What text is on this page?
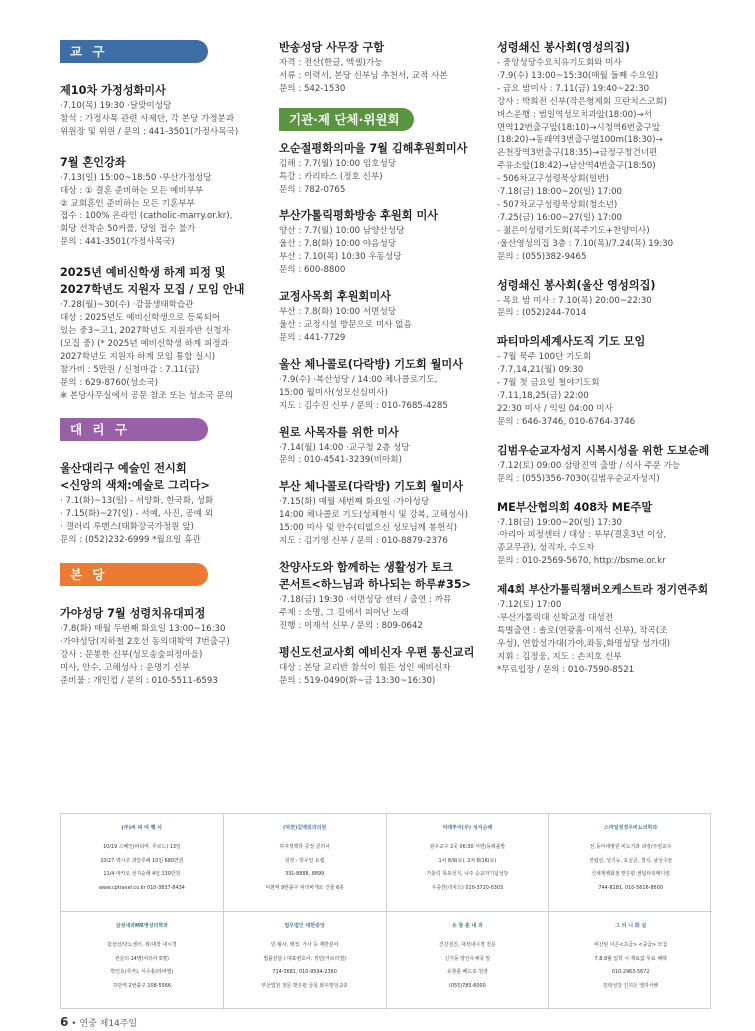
교 구
제10차 가정성화미사
·7.10(목) 19:30 ·달맞이성당
참석 : 가정사목 관련 사제단, 각 본당 가정분과
위원장 및 위원 / 문의 : 441-3501(가정사목국)
7월 혼인강좌
·7.13(일) 15:00~18:50 ·부산가정성당
대상 : ① 결혼 준비하는 모든 예비부부
② 교회혼인 준비하는 모든 기혼부부
접수 : 100% 온라인 (catholic-marry.or.kr),
회당 선착순 50커플, 당일 접수 불가
문의 : 441-3501(가정사목국)
2025년 예비신학생 하계 피정 및
2027학년도 지원자 모집 / 모임 안내
·7.28(월)~30(수) ·감물생태학습관
대상 : 2025년도 예비신학생으로 등록되어
있는 중3~고1, 2027학년도 지원자반 신청자
(모집 중) (* 2025년 예비신학생 하계 피정과
2027학년도 지원자 하계 모임 통합 실시)
참가비 : 5만원 / 신청마감 : 7.11(금)
문의 : 629-8760(성소국)
※ 본당사무실에서 공문 참조 또는 성소국 문의
대 리 구
울산대리구 예술인 전시회
<신앙의 색채:예술로 그리다>
· 7.1(화)~13(일) - 서양화, 한국화, 성화
· 7.15(화)~27(일) - 서예, 사진, 공예 외
· 갤러리 루멘스(태화강국가정원 앞)
문의 : (052)232-6999 *월요일 휴관
본 당
가야성당 7월 성령치유대피정
·7.8(화) 매월 두번째 화요일 13:00~16:30
·가야성당(지하철 2호선 동의대학역 7번출구)
강사 : 문봉한 신부(성모송숲피정마을)
미사, 안수, 고해성사 : 운명기 신부
준비물 : 개인컵 / 문의 : 010-5511-6593
반송성당 사무장 구함
자격 : 전산(한글, 엑셀)가능
서류 : 이력서, 본당 신부님 추천서, 교적 사본
문의 : 542-1530
기관·제 단체·위원회
오순절평화의마을 7월 김해후원회미사
김해 : 7.7(월) 10:00 임호성당
특강 : 카리타스 (정호 신부)
문의 : 782-0765
부산가톨릭평화방송 후원회 미사
양산 : 7.7(월) 10:00 남양산성당
울산 : 7.8(화) 10:00 야음성당
부산 : 7.10(목) 10:30 우동성당
문의 : 600-8800
교정사목회 후원회미사
부산 : 7.8(화) 10:00 서면성당
울산 : 교정시설 방문으로 미사 없음
문의 : 441-7729
울산 체나콜로(다락방) 기도회 월미사
·7.9(수) ·복산성당 / 14:00 체나콜로기도,
15:00 월미사(성모신심미사)
지도 : 김수진 신부 / 문의 : 010-7685-4285
원로 사목자를 위한 미사
·7.14(월) 14:00 ·교구청 2층 성당
문의 : 010-4541-3239(비아회)
부산 체나콜로(다락방) 기도회 월미사
·7.15(화) 매월 세번째 화요일 ·가야성당
14:00 체나콜로 기도(성체현시 및 강복, 고해성사)
15:00 미사 및 안수(티없으신 성모님께 봉헌식)
지도 : 김기영 신부 / 문의 : 010-8879-2376
찬양사도와 함께하는 생활성가 토크
콘서트<하느님과 하나되는 하루#35>
·7.18(금) 19:30 ·서면성당 센터 / 출연 : 까뮤
주제 : 소명, 그 길에서 피어난 노래
진행 : 이재석 신부 / 문의 : 809-0642
평신도선교사회 예비신자 우편 통신교리
대상 : 본당 교리반 참석이 힘든 성인 예비신자
문의 : 519-0490(화~금 13:30~16:30)
성령쇄신 봉사회(영성의집)
- 중앙성당수요치유기도회와 미사
·7.9(수) 13:00~15:30(매월 둘째 수요일)
- 금요 밤미사 : 7.11(금) 19:40~22:30
강사 : 박희전 신부(작은형제회 프란치스코회)
버스운행 : 범일역성모치과앞(18:00)→서
면역12번출구앞(18:10)→시청역6번출구앞
(18:20)→동래역3번출구옆100m(18:30)→
온천장역3번출구(18:35)→금정구청건너편
주유소앞(18:42)→남산역4번출구(18:50)
- 506차교구성령묵상회(일반)
·7.18(금) 18:00~20(일) 17:00
- 507차교구성령묵상회(청소년)
·7.25(금) 16:00~27(일) 17:00
- 젊은이성령기도회(목주기도+찬양미사)
·울산영성의집 3층 : 7.10(목)/7.24(목) 19:30
문의 : (055)382-9465
성령쇄신 봉사회(울산 영성의집)
- 목요 밤 미사 : 7.10(목) 20:00~22:30
문의 : (052)244-7014
파티마의세계사도직 기도 모임
- 7월 묵주 100단 기도회
·7.7,14,21(월) 09:30
- 7월 첫 금요일 철야기도회
·7.11,18,25(금) 22:00
22:30 미사 / 익일 04:00 미사
문의 : 646-3746, 010-6764-3746
김범우순교자성지 시복시성을 위한 도보순례
·7.12(토) 09:00 삼랑진역 출발 / 식사 주문 가능
문의 : (055)356-7030(김범우순교자성지)
ME부산협의회 408차 ME주말
·7.18(금) 19:00~20(일) 17:30
·아리아 피정센터 / 대상 : 부부(결혼3년 이상,
종교무관), 성직자, 수도자
문의 : 010-2569-5670, http://bsme.or.kr
제4회 부산가톨릭챔버오케스트라 정기연주회
·7.12(토) 17:00
·부산가톨릭대 신학교정 대성전
특별출연 : 솔로(연광흠·이재석 신부), 작곡(조
우성), 연합성가대(가야,좌동,화명성당 성가대)
지휘 : 김정웅, 지도 : 손지호 신부
*무료입장 / 문의 : 010-7590-8521
(주)씨 피 여 행 사
10/19 스페인(파티마, 루르드) 13일
10/27 멕시코 과달루페 10일 680만원
11/4 마카오 성지순례 4일 130만원
www.cptravel.co.kr 010-3837-6434
(덕천)길맥외과의원
하지정맥류 증정 클리닉
원장 : 박우일 요셉
331-8888, 8899
덕천역 9번출구 파리바게트 건물 6층
미래투어(주) 성지순례
광주교구 2곳 06:30 서면/동래출발
1차 8/9(토), 2차 8/16(토)
가톨릭 목포성지, 나주 순교자기념성당
우종한(리차드) 010-3720-0303
스마일정경우비뇨의학과
전.동아대병원 비뇨기과 과장/주임교수
전립선, 성기능, 요실금, 결석, 남성수술
신세계백화점 맞은편 센텀타워메디컬
744-8181, 010-5616-8600
삼성내과MR영상의학과
갑상선/당뇨센터, 위/대장 내시경
전문의 14명(여의사 5명)
박인호(루카), 서수홍(라파엘)
하단역 2번출구 208-5566
법무법인 대한중앙
민·형사, 행정, 가사 등 제반분야
법률상담 / 대표변호사. 정민(가브리엘)
714-3681, 010-9594-2360
부산법원 정문 맞은편 골목 와우빌딩 2층
유 창 훈 내 과
건강검진, 대장내시경 전문
신기동 양산우체국 앞
유창훈 베드로 원장
(055)785-6000
그 리 니 화 실
비잔틴 이콘<초급> <중급> 모집
7,8,9월 입학 시 재료값 무료 혜택
010-2963-5672
민락성당 진귀은 엘리사벳
6 • 연중 제14주일
